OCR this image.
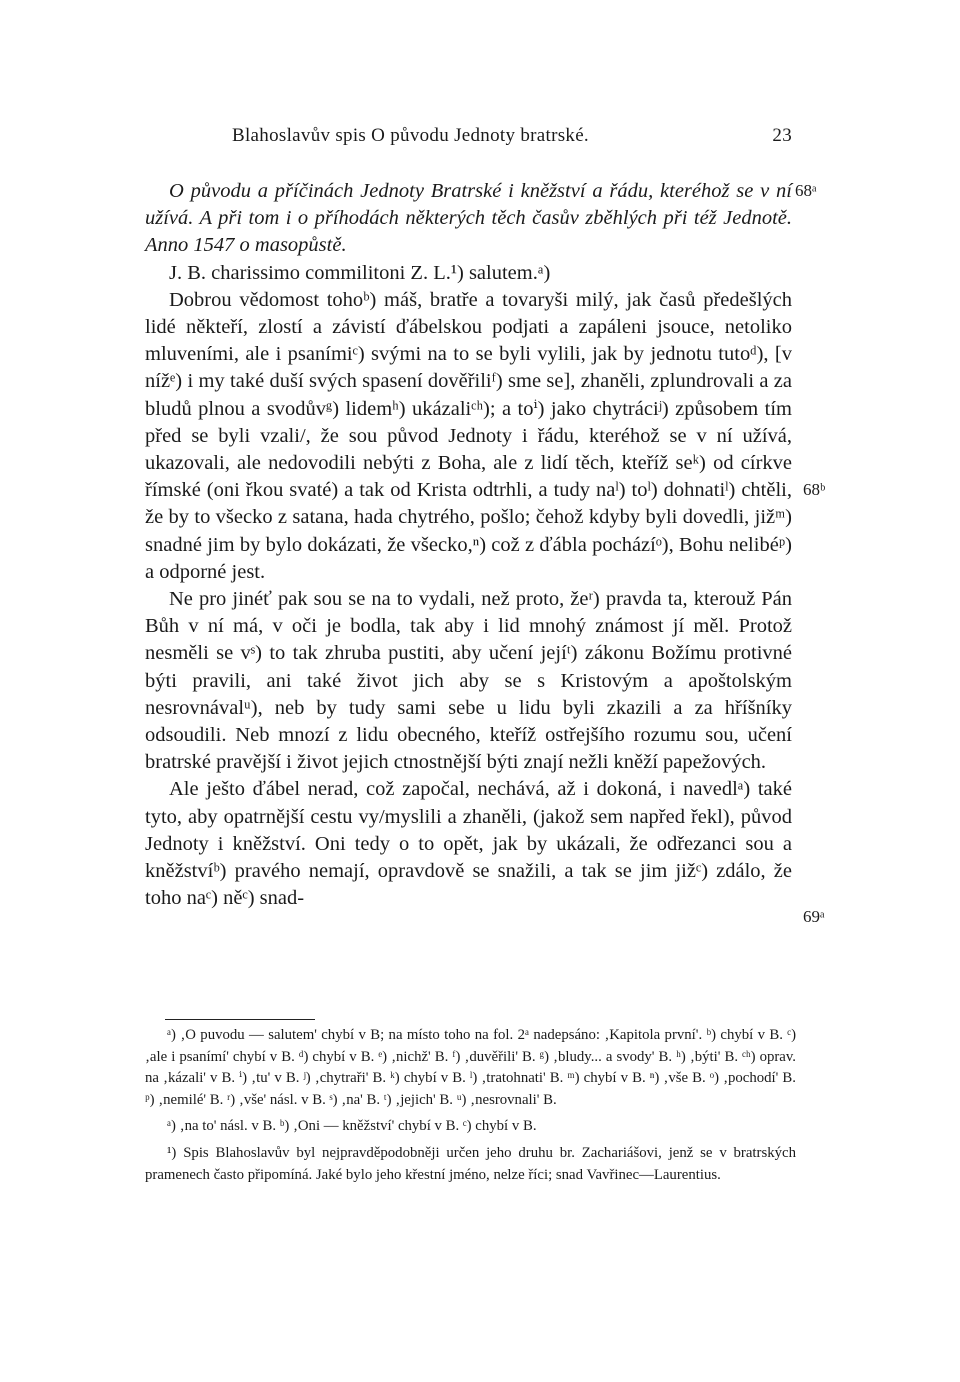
Blahoslavův spis O původu Jednoty bratrské.	23
68ᵃ
68ᵇ
69ᵃ

O původu a příčinách Jednoty Bratrské i kněžství a řádu, kteréhož se v ní užívá. A při tom i o příhodách některých těch časův zběhlých při též Jednotě. Anno 1547 o masopůstě.

J. B. charissimo commilitoni Z. L.¹) salutem.ᵃ)

Dobrou vědomost tohoᵇ) máš, bratře a tovaryši milý, jak časů předešlých lidé někteří, zlostí a závistí ďábelskou podjati a zapáleni jsouce, netoliko mluveními, ale i psanímiᶜ) svými na to se byli vylili, jak by jednotu tutoᵈ), [v nížᵉ) i my také duší svých spasení dověřiliᶠ) sme se], zhaněli, zplundrovali a za bludů plnou a svodůvᵍ) lidemʰ) ukázaliᶜʰ); a toⁱ) jako chytráciʲ) způsobem tím před se byli vzali/, že sou původ Jednoty i řádu, kteréhož se v ní užívá, ukazovali, ale nedovodili nebýti z Boha, ale z lidí těch, kteříž seᵏ) od církve římské (oni řkou svaté) a tak od Krista odtrhli, a tudy naˡ) toˡ) dohnatiˡ) chtěli, že by to všecko z satana, hada chytrého, pošlo; čehož kdyby byli dovedli, jižᵐ) snadné jim by bylo dokázati, že všecko,ⁿ) což z ďábla pocházíᵒ), Bohu nelibéᵖ) a odporné jest.

Ne pro jinéť pak sou se na to vydali, než proto, žeʳ) pravda ta, kterouž Pán Bůh v ní má, v oči je bodla, tak aby i lid mnohý známost jí měl. Protož nesměli se vˢ) to tak zhruba pustiti, aby učení jejíᵗ) zákonu Božímu protivné býti pravili, ani také život jich aby se s Kristovým a apoštolským nesrovnávalᵘ), neb by tudy sami sebe u lidu byli zkazili a za hříšníky odsoudili. Neb mnozí z lidu obecného, kteříž ostřejšího rozumu sou, učení bratrské pravější i život jejich ctnostnější býti znají nežli kněží papežových.

Ale ješto ďábel nerad, což započal, nechává, až i dokoná, i navedlᵃ) také tyto, aby opatrnější cestu vy/myslili a zhaněli, (jakož sem napřed řekl), původ Jednoty i kněžství. Oni tedy o to opět, jak by ukázali, že odřezanci sou a kněžstvíᵇ) pravého nemají, opravdově se snažili, a tak se jim jižᶜ) zdálo, že toho naᶜ) něᶜ) snad-

ᵃ) ‚O puvodu — salutem' chybí v B; na místo toho na fol. 2ᵃ nadepsáno: ‚Kapitola první'. ᵇ) chybí v B. ᶜ) ‚ale i psanímí' chybí v B. ᵈ) chybí v B. ᵉ) ‚nichž' B. ᶠ) ‚duvěřili' B. ᵍ) ‚bludy... a svody' B. ʰ) ‚býti' B. ᶜʰ) oprav. na ‚kázali' v B. ⁱ) ‚tu' v B. ʲ) ‚chytraři' B. ᵏ) chybí v B. ˡ) ‚tratohnati' B. ᵐ) chybí v B. ⁿ) ‚vše B. ᵒ) ‚pochodí' B. ᵖ) ‚nemilé' B. ʳ) ‚vše' násl. v B. ˢ) ‚na' B. ᵗ) ‚jejich' B. ᵘ) ‚nesrovnali' B.

ᵃ) ‚na to' násl. v B. ᵇ) ‚Oni — kněžství' chybí v B. ᶜ) chybí v B.

¹) Spis Blahoslavův byl nejpravděpodobněji určen jeho druhu br. Zachariášovi, jenž se v bratrských pramenech často připomíná. Jaké bylo jeho křestní jméno, nelze říci; snad Vavřinec—Laurentius.
